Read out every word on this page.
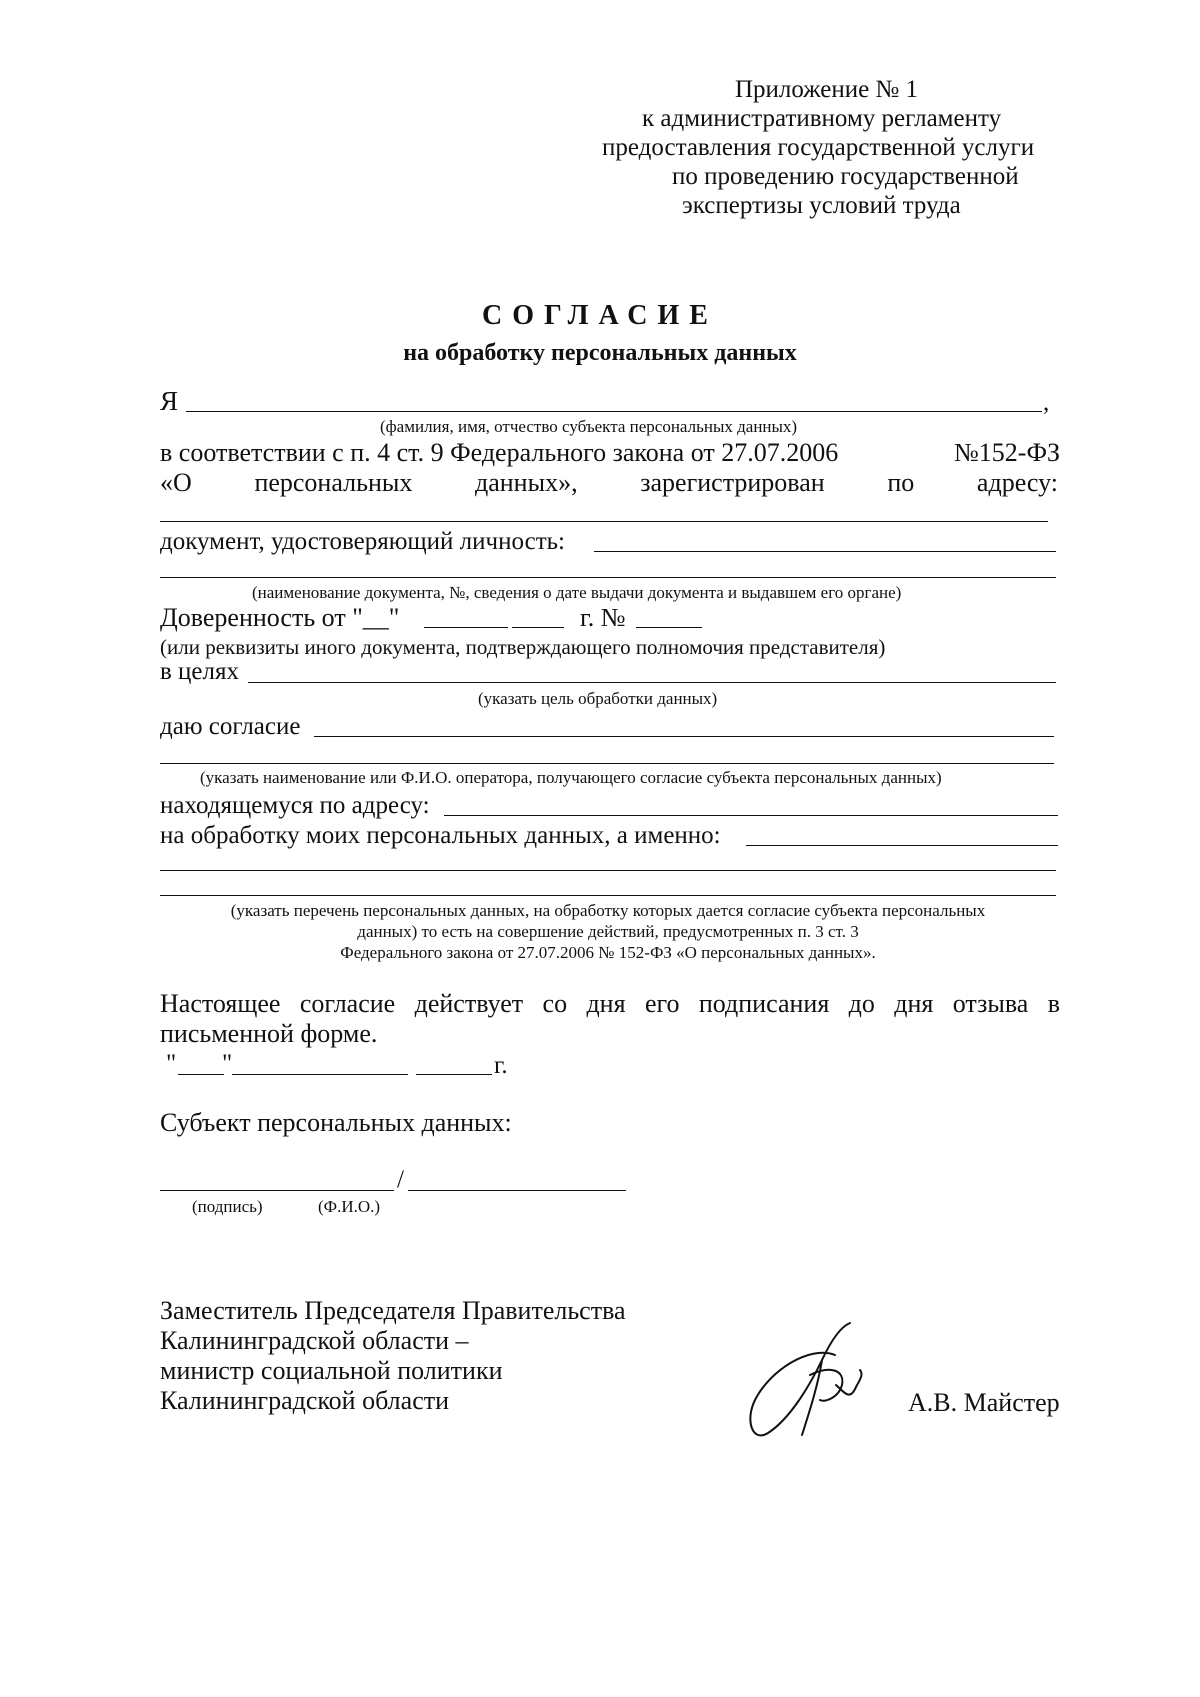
Приложение № 1
к административному регламенту
предоставления государственной услуги
по проведению государственной
экспертизы условий труда
СОГЛАСИЕ
на обработку персональных данных
Я	,
(фамилия, имя, отчество субъекта персональных данных)
в соответствии с п. 4 ст. 9 Федерального закона от 27.07.2006	№152-ФЗ
«О персональных данных», зарегистрирован по адресу:
документ, удостоверяющий личность:
(наименование документа, №, сведения о дате выдачи документа и выдавшем его органе)
Доверенность от "__"	г. №
(или реквизиты иного документа, подтверждающего полномочия представителя)
в целях
(указать цель обработки данных)
даю согласие
(указать наименование или Ф.И.О. оператора, получающего согласие субъекта персональных данных)
находящемуся по адресу:
на обработку моих персональных данных, а именно:
(указать перечень персональных данных, на обработку которых дается согласие субъекта персональных
данных) то есть на совершение действий, предусмотренных п. 3 ст. 3
Федерального закона от 27.07.2006 № 152-ФЗ «О персональных данных».
Настоящее согласие действует со дня его подписания до дня отзыва в
письменной форме.
" "	г.
Субъект персональных данных:
/
(подпись)	(Ф.И.О.)
Заместитель Председателя Правительства
Калининградской области –
министр социальной политики
Калининградской области	А.В. Майстер
